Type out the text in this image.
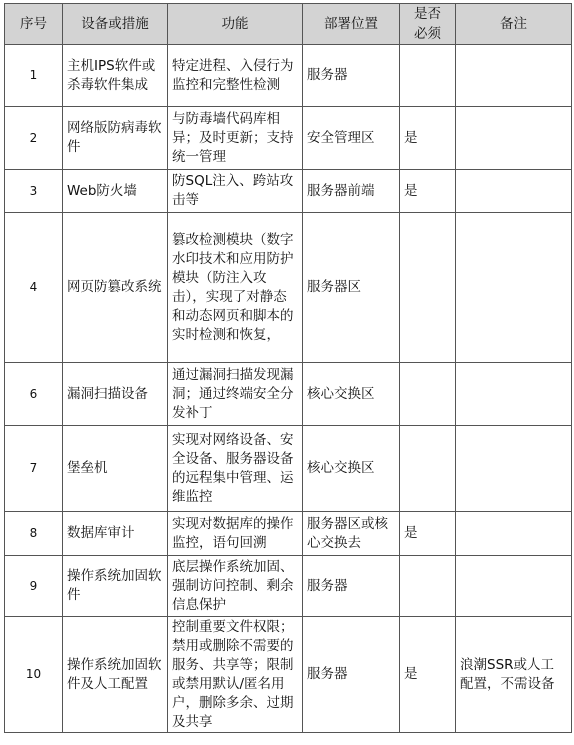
序号	设备或措施	功能	部署位置	是否必须	备注
1	主机IPS软件或杀毒软件集成	特定进程、入侵行为监控和完整性检测	服务器		
2	网络版防病毒软件	与防毒墙代码库相异；及时更新；支持统一管理	安全管理区	是	
3	Web防火墙	防SQL注入、跨站攻击等	服务器前端	是	
4	网页防篡改系统	篡改检测模块（数字水印技术和应用防护模块（防注入攻击），实现了对静态和动态网页和脚本的实时检测和恢复，	服务器区		
6	漏洞扫描设备	通过漏洞扫描发现漏洞；通过终端安全分发补丁	核心交换区		
7	堡垒机	实现对网络设备、安全设备、服务器设备的远程集中管理、运维监控	核心交换区		
8	数据库审计	实现对数据库的操作监控，语句回溯	服务器区或核心交换去	是	
9	操作系统加固软件	底层操作系统加固、强制访问控制、剩余信息保护	服务器		
10	操作系统加固软件及人工配置	控制重要文件权限；禁用或删除不需要的服务、共享等；限制或禁用默认/匿名用户，删除多余、过期及共享	服务器	是	浪潮SSR或人工配置，不需设备
